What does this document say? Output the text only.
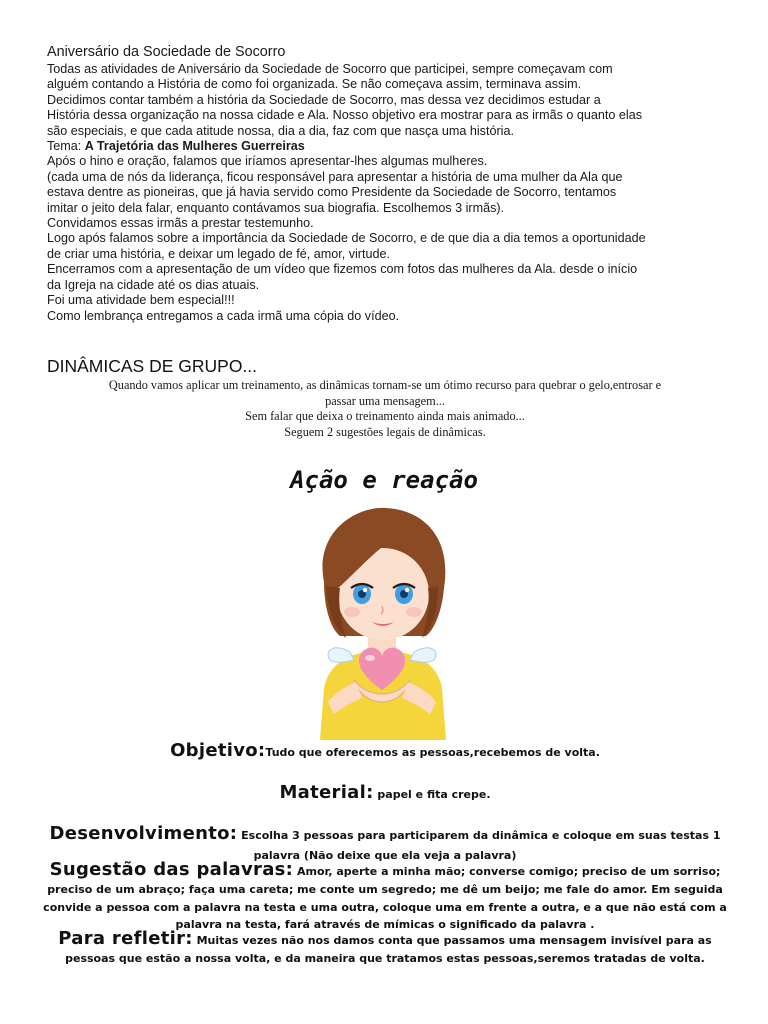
Aniversário da Sociedade de Socorro

Todas as atividades de Aniversário da Sociedade de Socorro que participei, sempre começavam com

alguém contando a História de como foi organizada. Se não começava assim, terminava assim.

Decidimos contar também a história da Sociedade de Socorro, mas dessa vez decidimos estudar a

História dessa organização na nossa cidade e Ala. Nosso objetivo era mostrar para as irmãs o quanto elas

são especiais, e que cada atitude nossa, dia a dia, faz com que nasça uma história.

Tema: A Trajetória das Mulheres Guerreiras

Após o hino e oração, falamos que iríamos apresentar-lhes algumas mulheres.

(cada uma de nós da liderança, ficou responsável para apresentar a história de uma mulher da Ala que

estava dentre as pioneiras, que já havia servido como Presidente da Sociedade de Socorro, tentamos

imitar o jeito dela falar, enquanto contávamos sua biografia. Escolhemos 3 irmãs).

Convidamos essas irmãs a prestar testemunho.

Logo após falamos sobre a importância da Sociedade de Socorro, e de que dia a dia temos a oportunidade

de criar uma história, e deixar um legado de fé, amor, virtude.

Encerramos com a apresentação de um vídeo que fizemos com fotos das mulheres da Ala. desde o início

da Igreja na cidade até os dias atuais.

Foi uma atividade bem especial!!!

Como lembrança entregamos a cada irmã uma cópia do vídeo.

DINÂMICAS DE GRUPO...

Quando vamos aplicar um treinamento, as dinâmicas tornam-se um ótimo recurso para quebrar o gelo,entrosar e

passar uma mensagem...

Sem falar que deixa o treinamento ainda mais animado...

Seguem 2 sugestões legais de dinâmicas.

Ação e reação
Objetivo:Tudo que oferecemos as pessoas,recebemos de volta.
Material: papel e fita crepe.
Desenvolvimento: Escolha 3 pessoas para participarem da dinâmica e coloque em suas testas 1 palavra (Não deixe que ela veja a palavra)
Sugestão das palavras: Amor, aperte a minha mão; converse comigo; preciso de um sorriso; preciso de um abraço; faça uma careta; me conte um segredo; me dê um beijo; me fale do amor. Em seguida convide a pessoa com a palavra na testa e uma outra, coloque uma em frente a outra, e a que não está com a palavra na testa, fará através de mímicas o significado da palavra .
Para refletir: Muitas vezes não nos damos conta que passamos uma mensagem invisível para as pessoas que estão a nossa volta, e da maneira que tratamos estas pessoas,seremos tratadas de volta.
